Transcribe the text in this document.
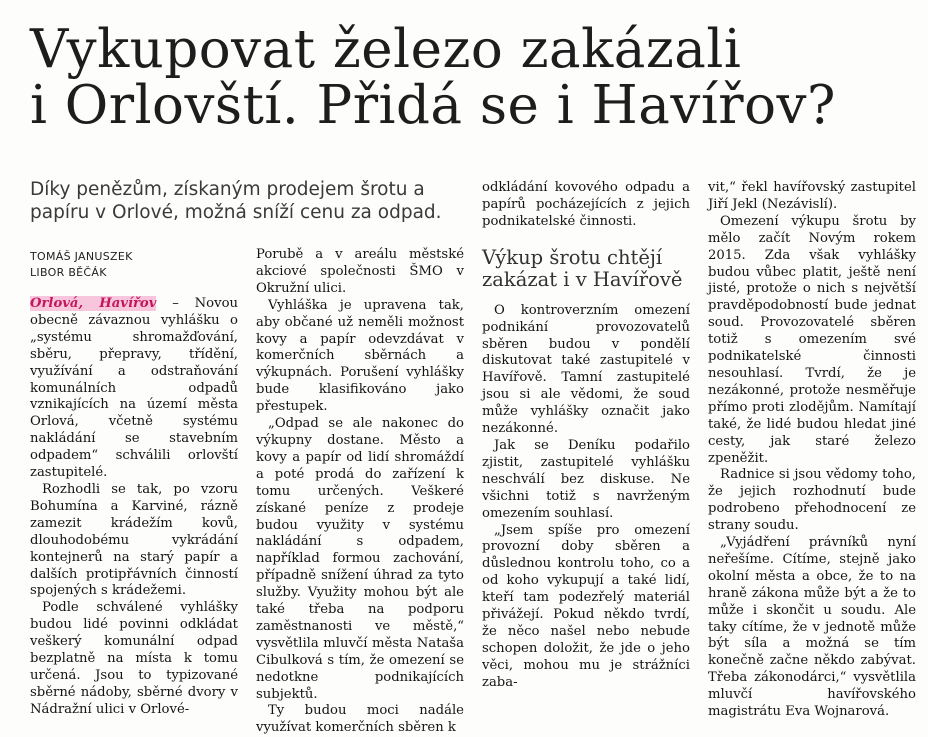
Vykupovat železo zakázali
i Orlovští. Přidá se i Havířov?
Díky penězům, získaným prodejem šrotu a papíru v Orlové, možná sníží cenu za odpad.
TOMÁŠ JANUSZEK
LIBOR BĚČÁK

Orlová, Havířov – Novou obecně závaznou vyhlášku o „systému shromažďování, sběru, přepravy, třídění, využívání a odstraňování komunálních odpadů vznikajících na území města Orlová, včetně systému nakládání se stavebním odpadem“ schválili orlovští zastupitelé.

Rozhodli se tak, po vzoru Bohumína a Karviné, rázně zamezit krádežím kovů, dlouhodobému vykrádání kontejnerů na starý papír a dalších protipřávních činností spojených s krádežemi.

Podle schválené vyhlášky budou lidé povinni odkládat veškerý komunální odpad bezplatně na místa k tomu určená. Jsou to typizované sběrné nádoby, sběrné dvory v Nádražní ulici v Orlové-

Porubě a v areálu městské akciové společnosti ŠMO v Okružní ulici.

Vyhláška je upravena tak, aby občané už neměli možnost kovy a papír odevzdávat v komerčních sběrnách a výkupnách. Porušení vyhlášky bude klasifikováno jako přestupek.

„Odpad se ale nakonec do výkupny dostane. Město a kovy a papír od lidí shromáždí a poté prodá do zařízení k tomu určených. Veškeré získané peníze z prodeje budou využity v systému nakládání s odpadem, například formou zachování, případně snížení úhrad za tyto služby. Využity mohou být ale také třeba na podporu zaměstnanosti ve městě,“ vysvětlila mluvčí města Nataša Cibulková s tím, že omezení se nedotkne podnikajících subjektů.

Ty budou moci nadále využívat komerčních sběren k

odkládání kovového odpadu a papírů pocházejících z jejich podnikatelské činnosti.

Výkup šrotu chtějí zakázat i v Havířově

O kontroverzním omezení podnikání provozovatelů sběren budou v pondělí diskutovat také zastupitelé v Havířově. Tamní zastupitelé jsou si ale vědomi, že soud může vyhlášky označit jako nezákonné.

Jak se Deníku podařilo zjistit, zastupitelé vyhlášku neschválí bez diskuse. Ne všichni totiž s navrženým omezením souhlasí.

„Jsem spíše pro omezení provozní doby sběren a důslednou kontrolu toho, co a od koho vykupují a také lidí, kteří tam podezřelý materiál přivážejí. Pokud někdo tvrdí, že něco našel nebo nebude schopen doložit, že jde o jeho věci, mohou mu je strážníci zaba-

vit,“ řekl havířovský zastupitel Jiří Jekl (Nezávislí).

Omezení výkupu šrotu by mělo začít Novým rokem 2015. Zda však vyhlášky budou vůbec platit, ještě není jisté, protože o nich s největší pravděpodobností bude jednat soud. Provozovatelé sběren totiž s omezením své podnikatelské činnosti nesouhlasí. Tvrdí, že je nezákonné, protože nesměřuje přímo proti zlodějům. Namítají také, že lidé budou hledat jiné cesty, jak staré železo zpeněžit.

Radnice si jsou vědomy toho, že jejich rozhodnutí bude podrobeno přehodnocení ze strany soudu.

„Vyjádření právníků nyní neřešíme. Cítíme, stejně jako okolní města a obce, že to na hraně zákona může být a že to může i skončit u soudu. Ale taky cítíme, že v jednotě může být síla a možná se tím konečně začne někdo zabývat. Třeba zákonodárci,“ vysvětlila mluvčí havířovského magistrátu Eva Wojnarová.
